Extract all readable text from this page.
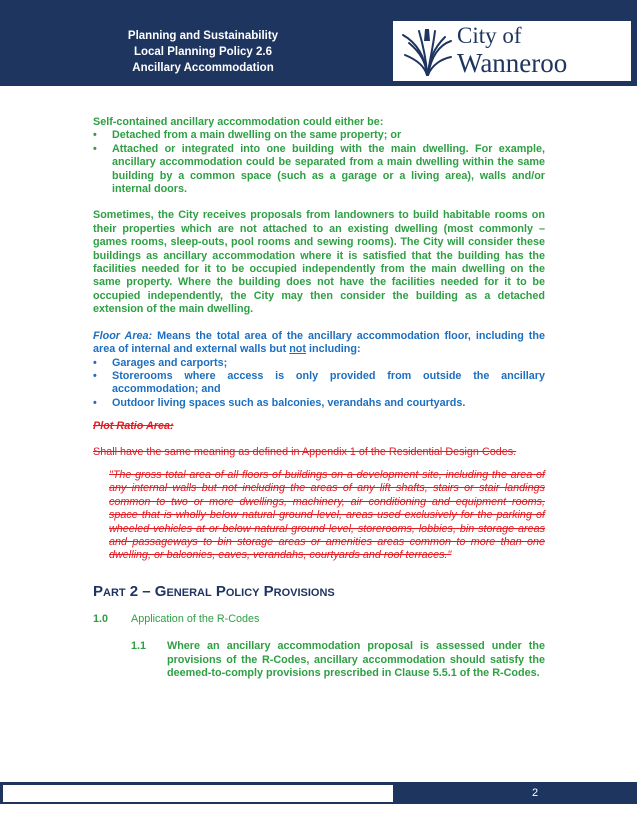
Planning and Sustainability
Local Planning Policy 2.6
Ancillary Accommodation
City of
Wanneroo

Self-contained ancillary accommodation could either be:

• Detached from a main dwelling on the same property; or
• Attached or integrated into one building with the main dwelling. For example, ancillary accommodation could be separated from a main dwelling within the same building by a common space (such as a garage or a living area), walls and/or internal doors.

Sometimes, the City receives proposals from landowners to build habitable rooms on their properties which are not attached to an existing dwelling (most commonly – games rooms, sleep-outs, pool rooms and sewing rooms). The City will consider these buildings as ancillary accommodation where it is satisfied that the building has the facilities needed for it to be occupied independently from the main dwelling on the same property. Where the building does not have the facilities needed for it to be occupied independently, the City may then consider the building as a detached extension of the main dwelling.

Floor Area: Means the total area of the ancillary accommodation floor, including the area of internal and external walls but not including:

• Garages and carports;
• Storerooms where access is only provided from outside the ancillary accommodation; and
• Outdoor living spaces such as balconies, verandahs and courtyards.

Plot Ratio Area:

Shall have the same meaning as defined in Appendix 1 of the Residential Design Codes.

"The gross total area of all floors of buildings on a development site, including the area of any internal walls but not including the areas of any lift shafts, stairs or stair landings common to two or more dwellings, machinery, air conditioning and equipment rooms, space that is wholly below natural ground level, areas used exclusively for the parking of wheeled vehicles at or below natural ground level, storerooms, lobbies, bin storage areas and passageways to bin storage areas or amenities areas common to more than one dwelling, or balconies, eaves, verandahs, courtyards and roof terraces."

Part 2 – General Policy Provisions
1.0 Application of the R-Codes
1.1 Where an ancillary accommodation proposal is assessed under the provisions of the R-Codes, ancillary accommodation should satisfy the deemed-to-comply provisions prescribed in Clause 5.5.1 of the R-Codes.

2
